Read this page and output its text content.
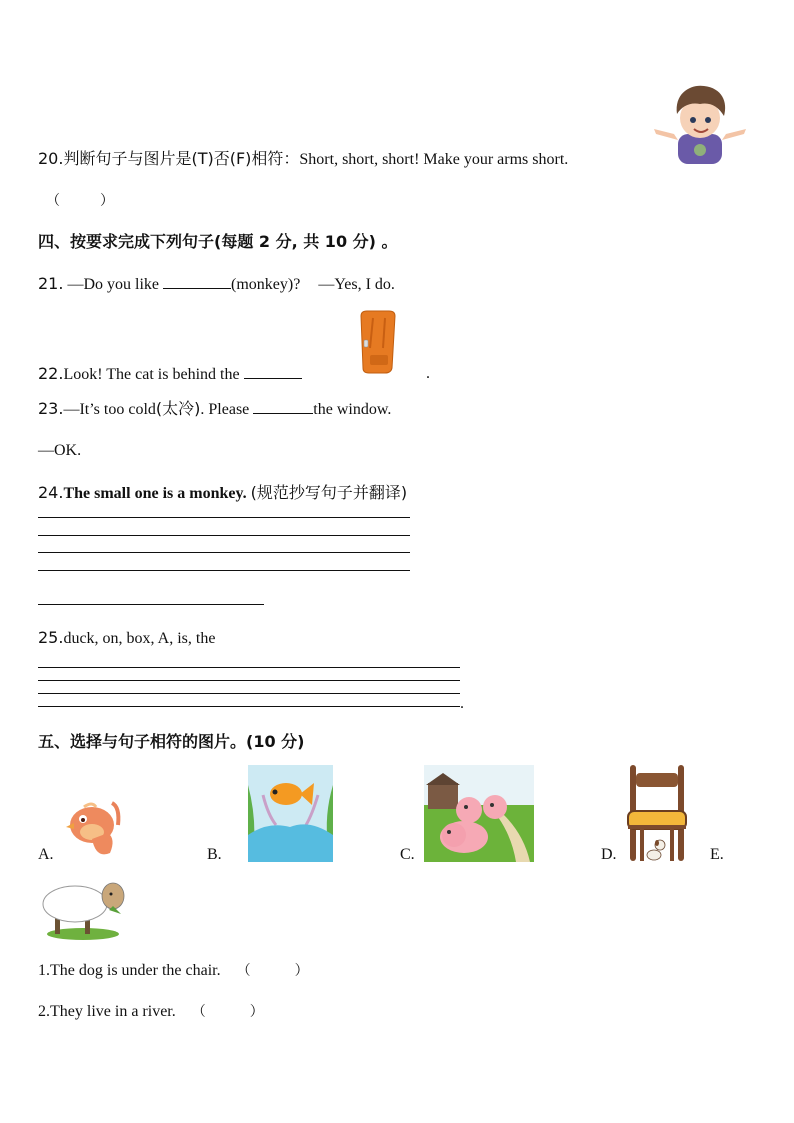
20.判断句子与图片是(T)否(F)相符：Short, short, short! Make your arms short.
（	）
四、按要求完成下列句子(每题 2 分, 共 10 分) 。
21. —Do you like	(monkey)? —Yes, I do.
22.Look! The cat is behind the	.
23.—It’s too cold(太冷). Please	the window.
—OK.
24.The small one is a monkey. (规范抄写句子并翻译)
25.duck, on, box, A, is, the
.
五、选择与句子相符的图片。(10 分)
A.	B.	C.	D.	E.
1.The dog is under the chair. （	）
2.They live in a river. （	）
